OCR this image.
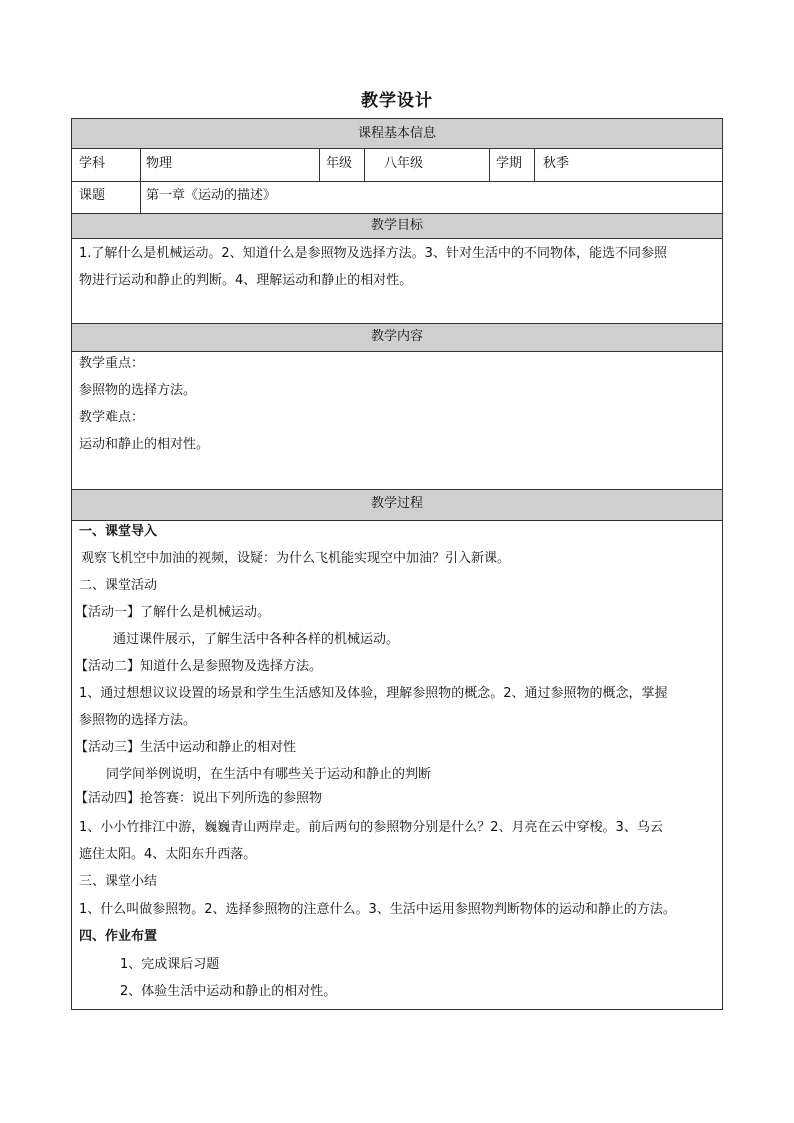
教学设计
课程基本信息
学科	物理	年级 八年级	学期 秋季
课题	第一章《运动的描述》
教学目标
1.了解什么是机械运动。2、知道什么是参照物及选择方法。3、针对生活中的不同物体，能选不同参照
物进行运动和静止的判断。4、理解运动和静止的相对性。
教学内容
教学重点：
参照物的选择方法。
教学难点：
运动和静止的相对性。
教学过程
一、课堂导入
观察飞机空中加油的视频，设疑：为什么飞机能实现空中加油？引入新课。
二、课堂活动
【活动一】了解什么是机械运动。
通过课件展示，了解生活中各种各样的机械运动。
【活动二】知道什么是参照物及选择方法。
1、通过想想议议设置的场景和学生生活感知及体验，理解参照物的概念。2、通过参照物的概念，掌握
参照物的选择方法。
【活动三】生活中运动和静止的相对性
同学间举例说明，在生活中有哪些关于运动和静止的判断
【活动四】抢答赛：说出下列所选的参照物
1、小小竹排江中游，巍巍青山两岸走。前后两句的参照物分别是什么？2、月亮在云中穿梭。3、乌云
遮住太阳。4、太阳东升西落。
三、课堂小结
1、什么叫做参照物。2、选择参照物的注意什么。3、生活中运用参照物判断物体的运动和静止的方法。
四、作业布置
1、完成课后习题
2、体验生活中运动和静止的相对性。
